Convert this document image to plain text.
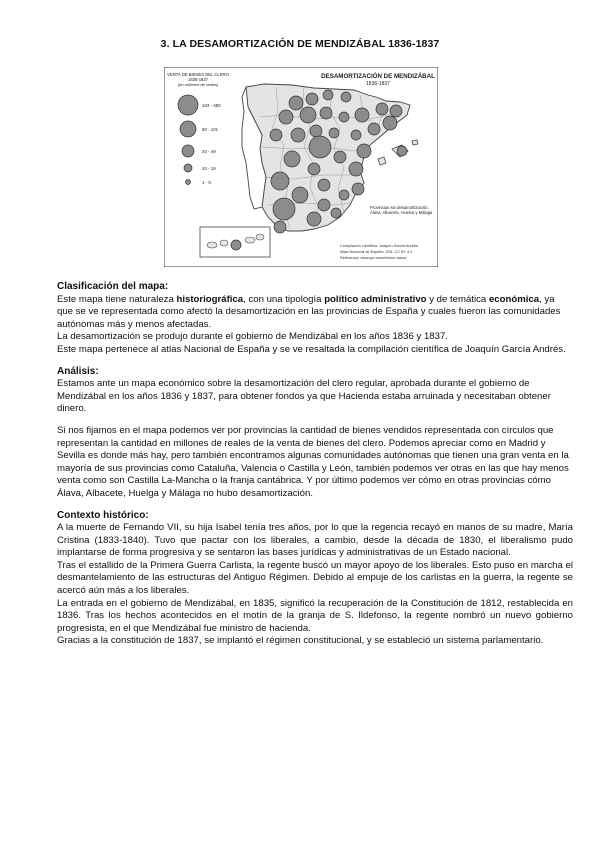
3. LA DESAMORTIZACIÓN DE MENDIZÁBAL 1836-1837
DESAMORTIZACIÓN DE MENDIZÁBAL
1836-1837
VENTA DE BIENES DEL CLERO
1836-1837
(en millones de reales)
103 - 480
50 - 101
20 - 49
10 - 19
1 - 9
Provincias sin desamortización: Álava, Albacete, Huelva y Málaga
Compilación científica: Joaquín García Andrés
Atlas Nacional de España. IGN. CC BY 4.0
Referencia: www.ign.es/web/ane-datos/
Clasificación del mapa:

Este mapa tiene naturaleza historiográfica, con una tipología político administrativo y de temática económica, ya que se ve representada como afectó la desamortización en las provincias de España y cuales fueron las comunidades autónomas más y menos afectadas.

La desamortización se produjo durante el gobierno de Mendizábal en los años 1836 y 1837.

Este mapa pertenece al atlas Nacional de España y se ve resaltada la compilación científica de Joaquín García Andrés.

Análisis:

Estamos ante un mapa económico sobre la desamortización del clero regular, aprobada durante el gobierno de Mendizábal en los años 1836 y 1837, para obtener fondos ya que Hacienda estaba arruinada y necesitaban obtener dinero.

Si nos fijamos en el mapa podemos ver por provincias la cantidad de bienes vendidos representada con círculos que representan la cantidad en millones de reales de la venta de bienes del clero. Podemos apreciar como en Madrid y Sevilla es donde más hay, pero también encontramos algunas comunidades autónomas que tienen una gran venta en la mayoría de sus provincias como Cataluña, Valencia o Castilla y León, también podemos ver otras en las que hay menos venta como son Castilla La-Mancha o la franja cantábrica. Y por último podemos ver cómo en otras provincias cómo Álava, Albacete, Huelga y Málaga no hubo desamortización.

Contexto histórico:

A la muerte de Fernando VII, su hija Isabel tenía tres años, por lo que la regencia recayó en manos de su madre, María Cristina (1833-1840). Tuvo que pactar con los liberales, a cambio, desde la década de 1830, el liberalismo pudo implantarse de forma progresiva y se sentaron las bases jurídicas y administrativas de un Estado nacional.

Tras el estallido de la Primera Guerra Carlista, la regente buscó un mayor apoyo de los liberales. Esto puso en marcha el desmantelamiento de las estructuras del Antiguo Régimen. Debido al empuje de los carlistas en la guerra, la regente se acercó aún más a los liberales.

La entrada en el gobierno de Mendizábal, en 1835, significó la recuperación de la Constitución de 1812, restablecida en 1836. Tras los hechos acontecidos en el motín de la granja de S. Ildefonso, la regente nombró un nuevo gobierno progresista, en el que Mendizábal fue ministro de hacienda.

Gracias a la constitución de 1837, se implantó el régimen constitucional, y se estableció un sistema parlamentario.
